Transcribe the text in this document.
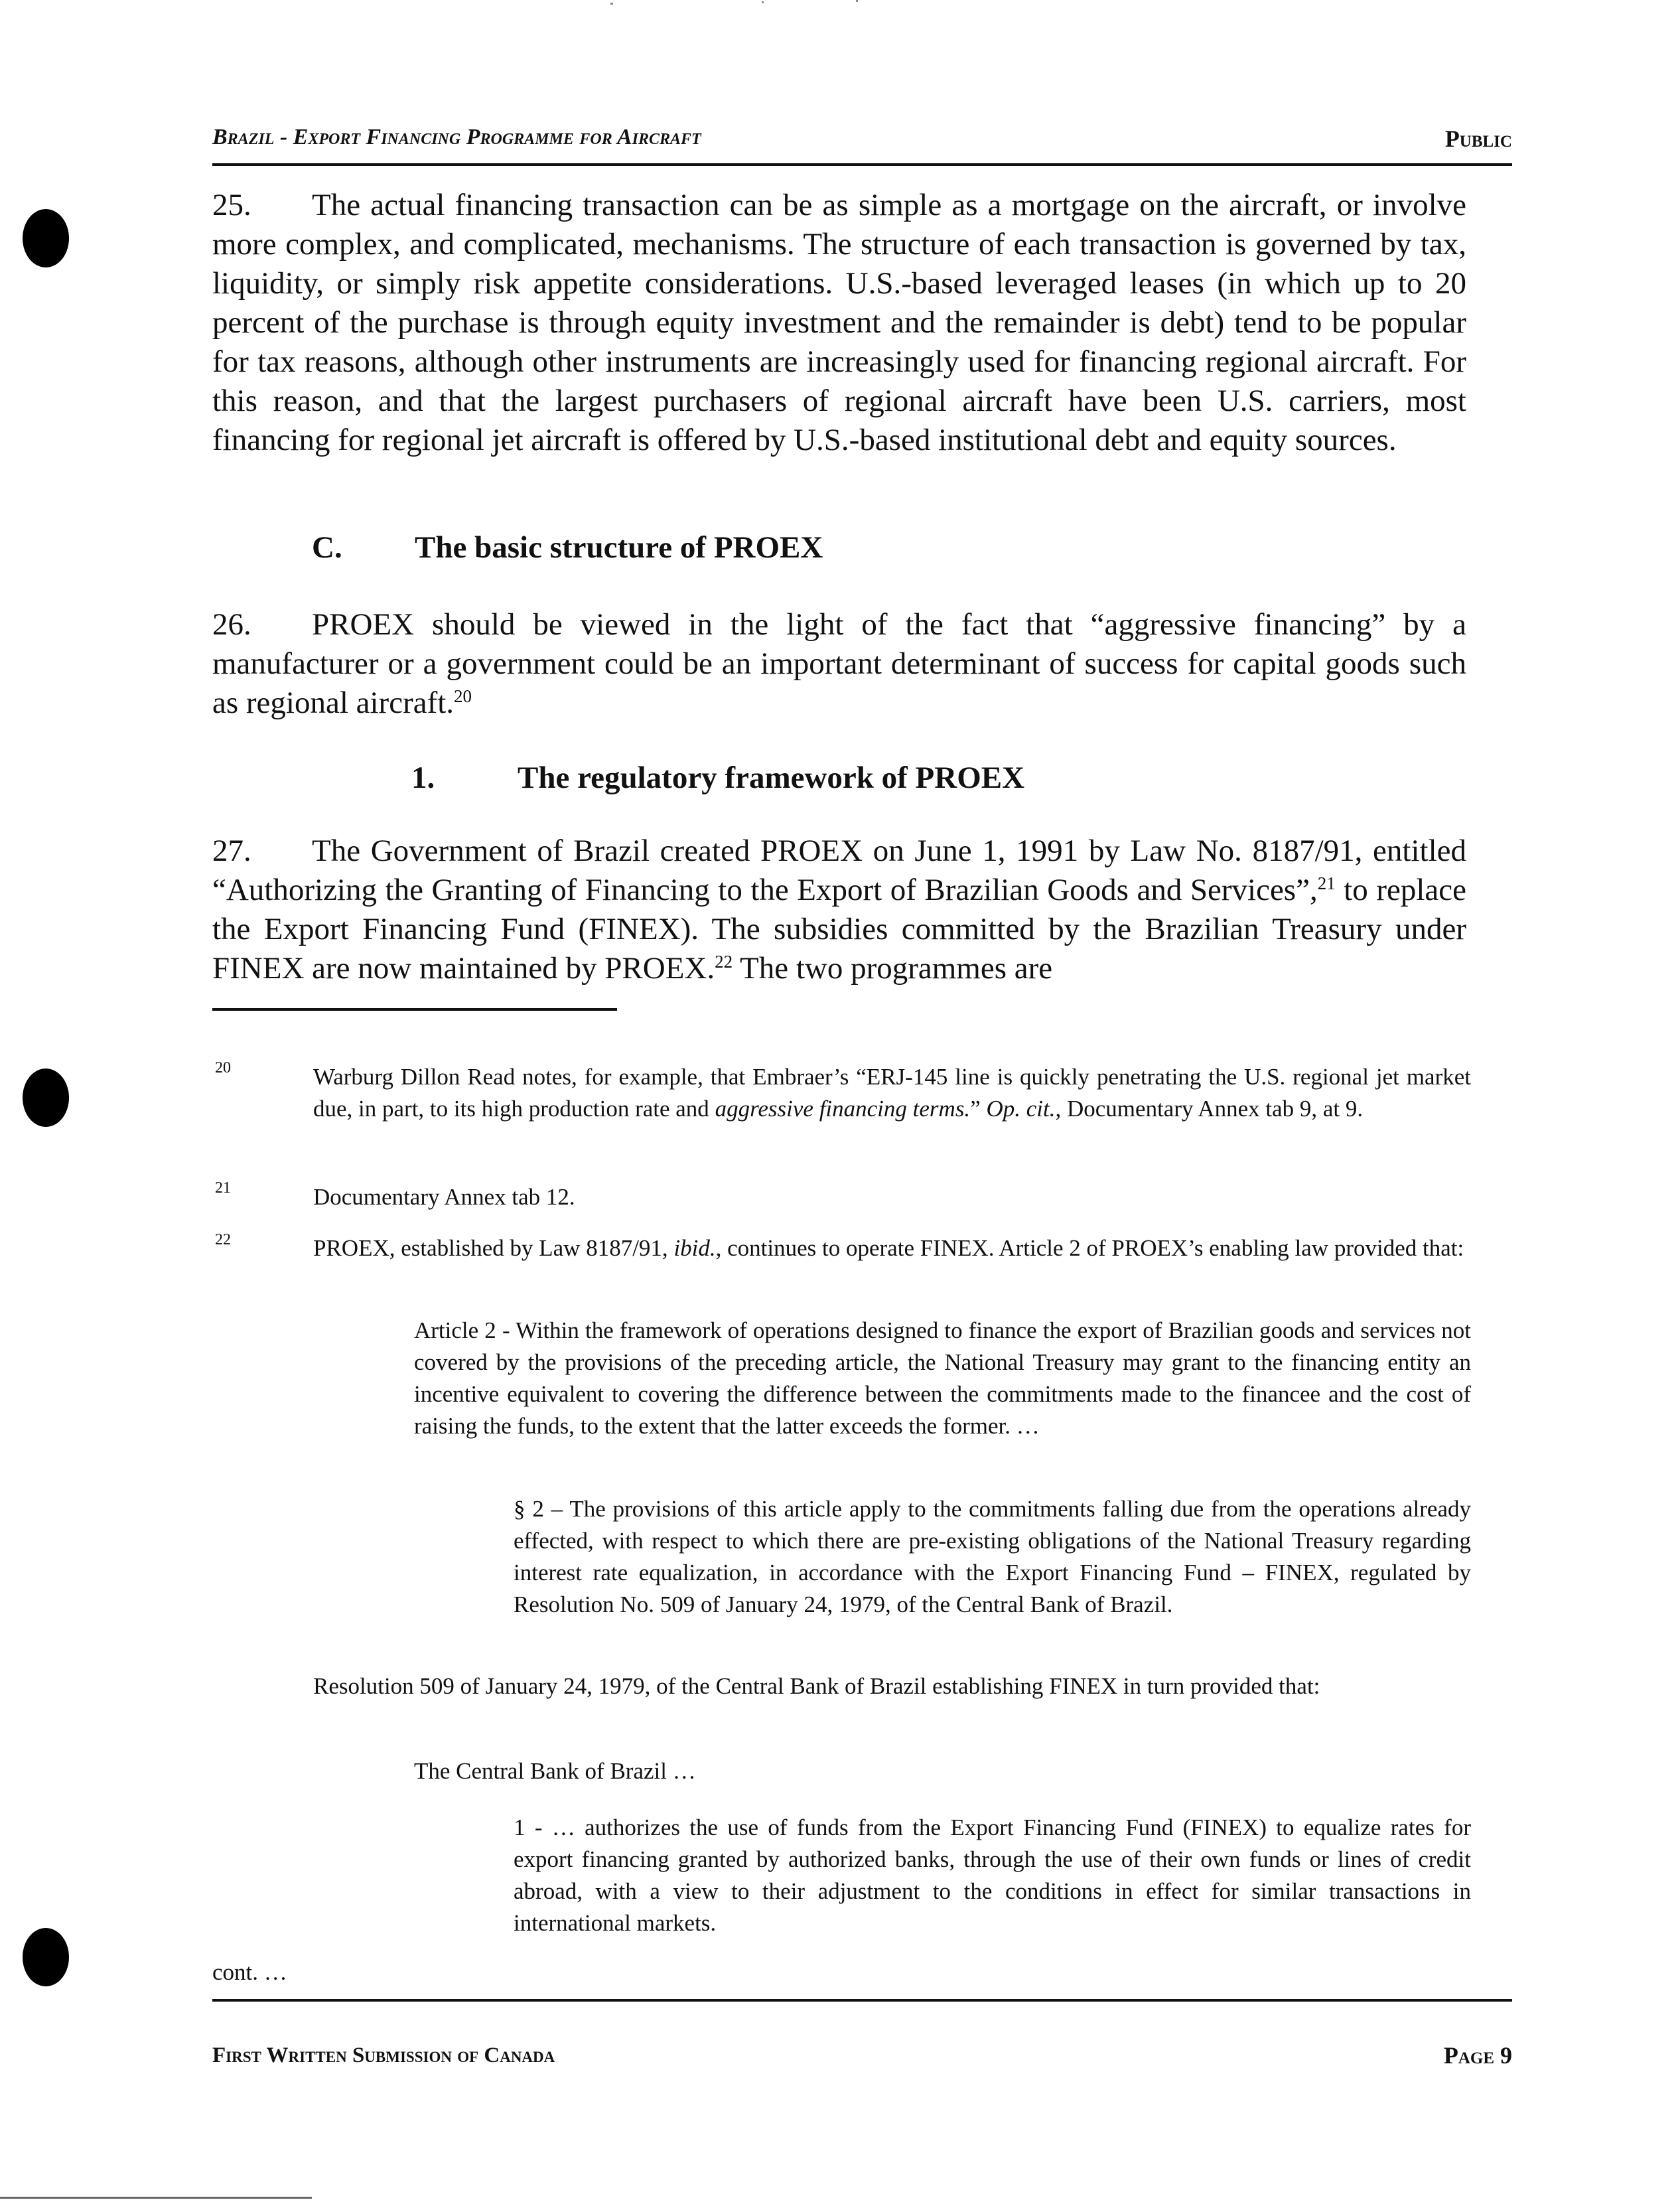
Brazil - Export Financing Programme for Aircraft	Public

25. The actual financing transaction can be as simple as a mortgage on the aircraft, or involve more complex, and complicated, mechanisms. The structure of each transaction is governed by tax, liquidity, or simply risk appetite considerations. U.S.-based leveraged leases (in which up to 20 percent of the purchase is through equity investment and the remainder is debt) tend to be popular for tax reasons, although other instruments are increasingly used for financing regional aircraft. For this reason, and that the largest purchasers of regional aircraft have been U.S. carriers, most financing for regional jet aircraft is offered by U.S.-based institutional debt and equity sources.

C. The basic structure of PROEX

26. PROEX should be viewed in the light of the fact that “aggressive financing” by a manufacturer or a government could be an important determinant of success for capital goods such as regional aircraft.$^{20}$

1.	The regulatory framework of PROEX

27. The Government of Brazil created PROEX on June 1, 1991 by Law No. 8187/91, entitled “Authorizing the Granting of Financing to the Export of Brazilian Goods and Services”,$^{21}$ to replace the Export Financing Fund (FINEX). The subsidies committed by the Brazilian Treasury under FINEX are now maintained by PROEX.$^{22}$ The two programmes are

20	Warburg Dillon Read notes, for example, that Embraer’s “ERJ-145 line is quickly penetrating the U.S. regional jet market due, in part, to its high production rate and aggressive financing terms.” Op. cit., Documentary Annex tab 9, at 9.

21	Documentary Annex tab 12.

22	PROEX, established by Law 8187/91, ibid., continues to operate FINEX. Article 2 of PROEX’s enabling law provided that:

Article 2 - Within the framework of operations designed to finance the export of Brazilian goods and services not covered by the provisions of the preceding article, the National Treasury may grant to the financing entity an incentive equivalent to covering the difference between the commitments made to the financee and the cost of raising the funds, to the extent that the latter exceeds the former. …

§ 2 – The provisions of this article apply to the commitments falling due from the operations already effected, with respect to which there are pre-existing obligations of the National Treasury regarding interest rate equalization, in accordance with the Export Financing Fund – FINEX, regulated by Resolution No. 509 of January 24, 1979, of the Central Bank of Brazil.

Resolution 509 of January 24, 1979, of the Central Bank of Brazil establishing FINEX in turn provided that:

The Central Bank of Brazil …

1 - … authorizes the use of funds from the Export Financing Fund (FINEX) to equalize rates for export financing granted by authorized banks, through the use of their own funds or lines of credit abroad, with a view to their adjustment to the conditions in effect for similar transactions in international markets.

cont. …
First Written Submission of Canada	Page 9
